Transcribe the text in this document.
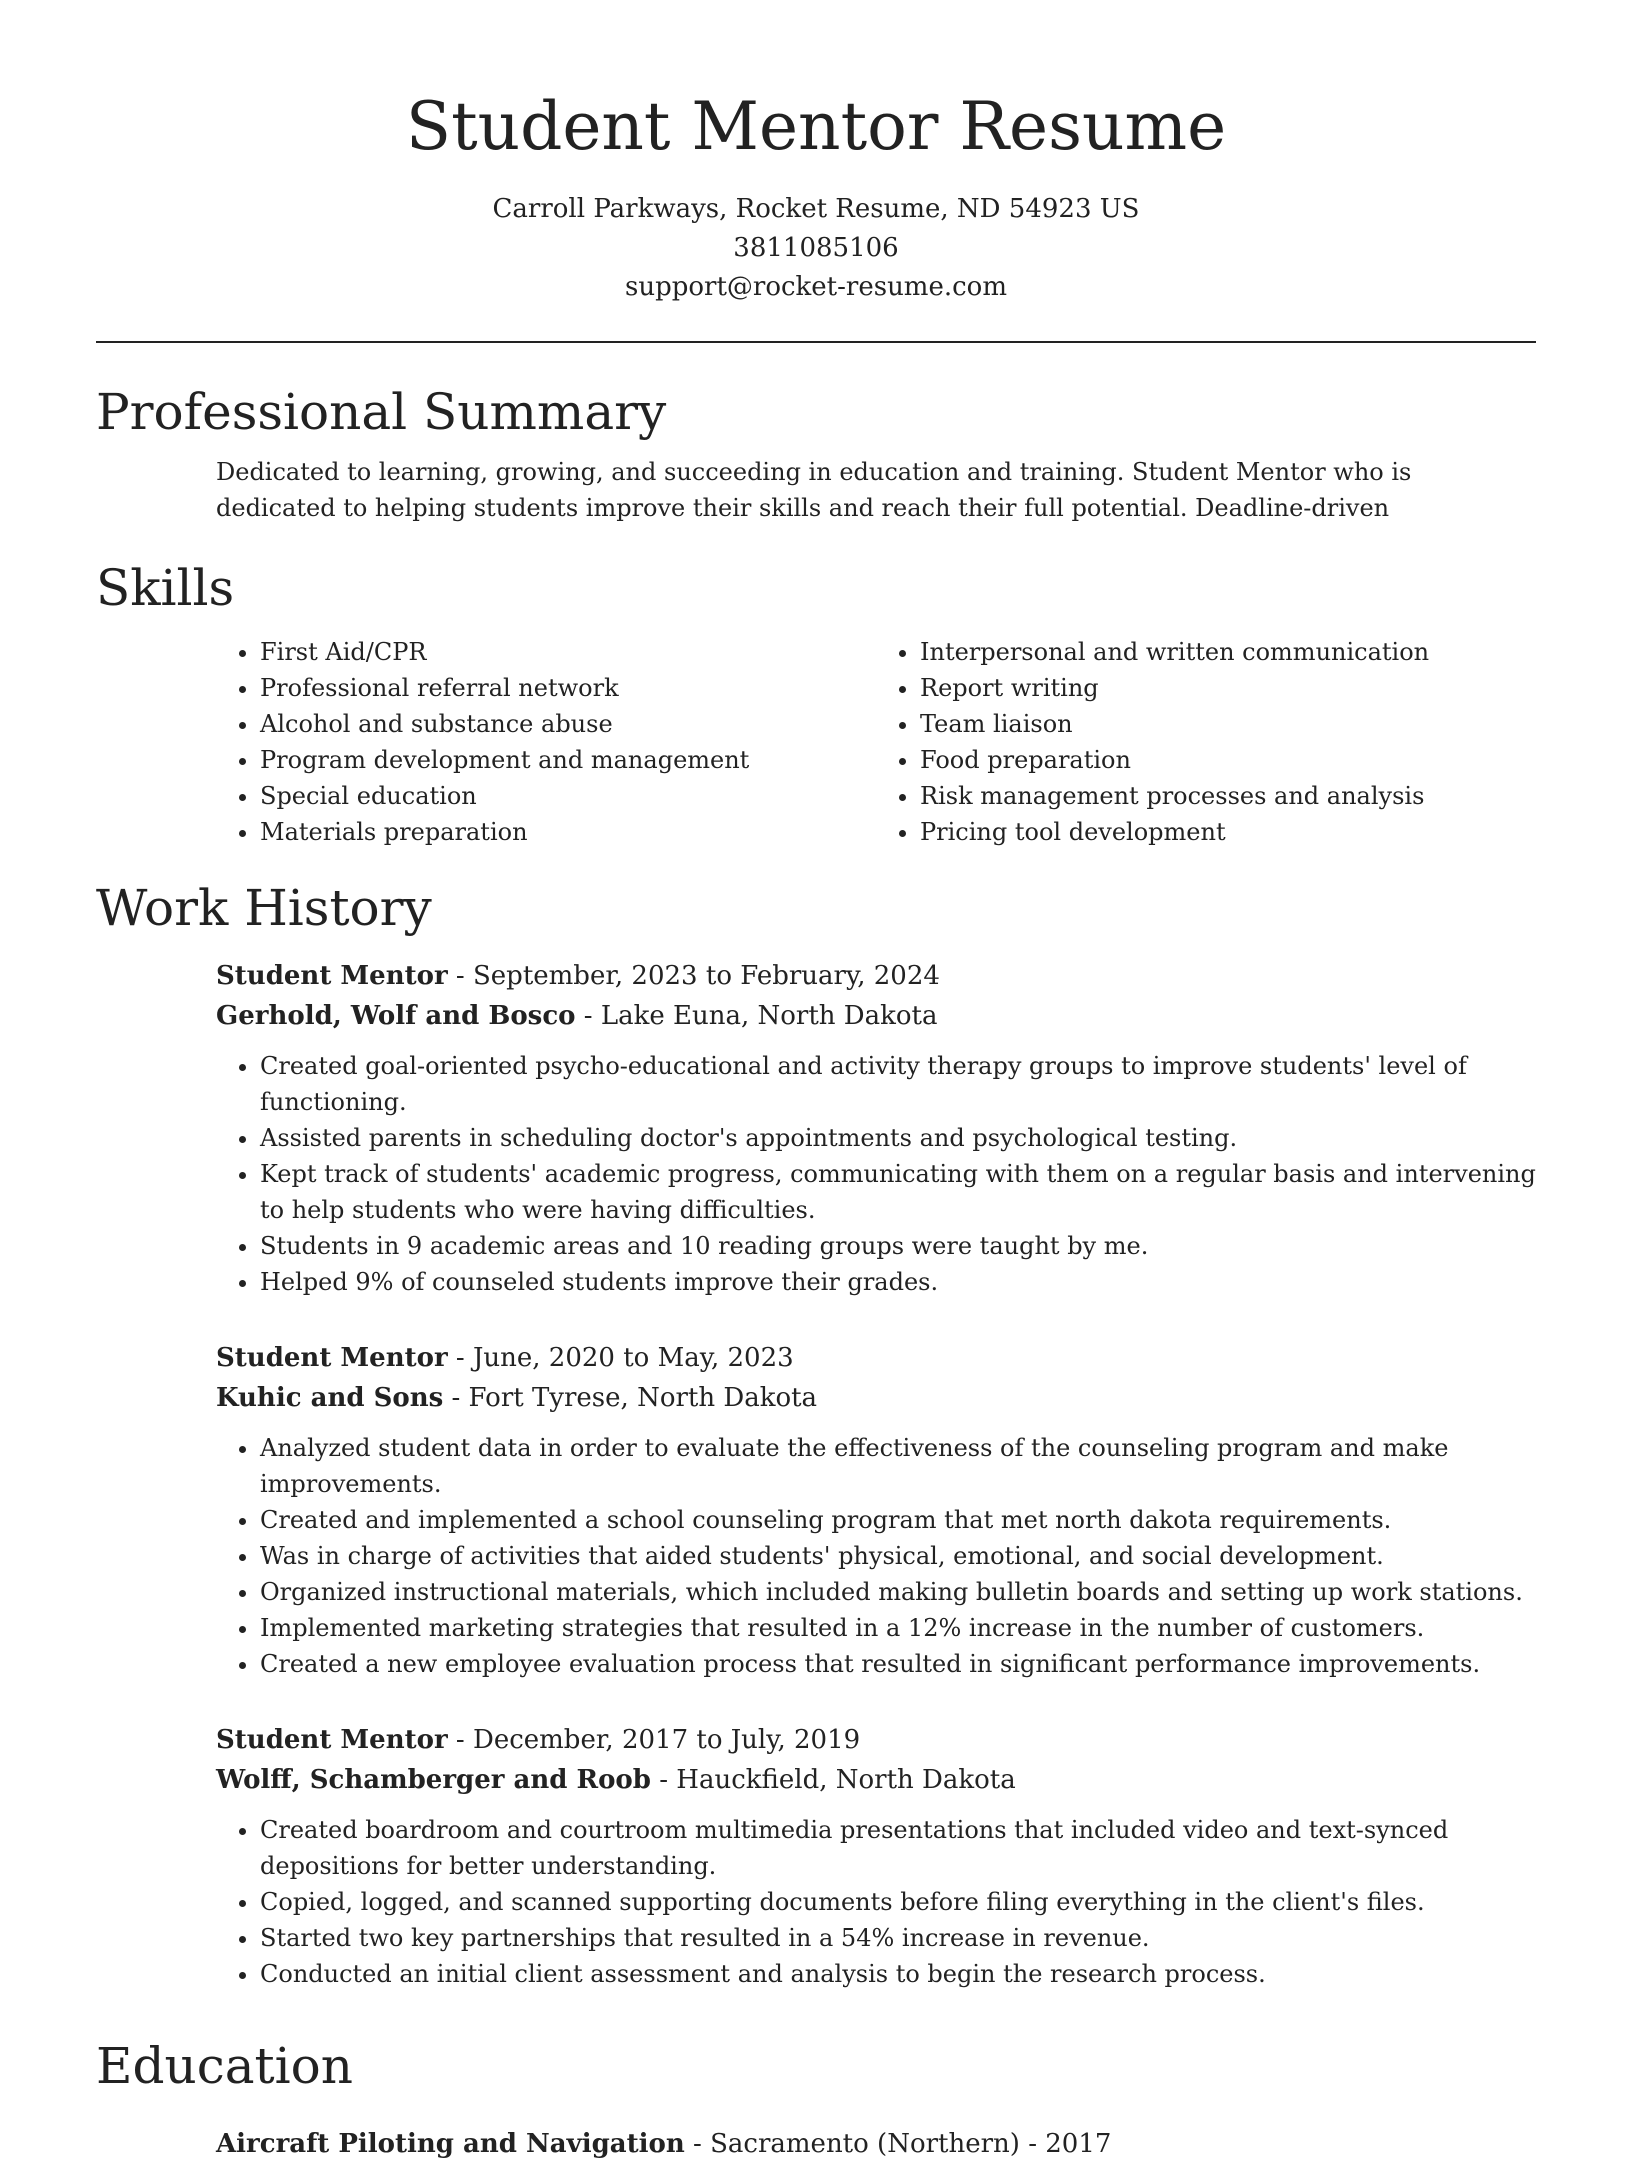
Student Mentor Resume
Carroll Parkways, Rocket Resume, ND 54923 US
3811085106
support@rocket-resume.com
Professional Summary

Dedicated to learning, growing, and succeeding in education and training. Student Mentor who is dedicated to helping students improve their skills and reach their full potential. Deadline-driven

Skills
• First Aid/CPR
• Professional referral network
• Alcohol and substance abuse
• Program development and management
• Special education
• Materials preparation
• Interpersonal and written communication
• Report writing
• Team liaison
• Food preparation
• Risk management processes and analysis
• Pricing tool development
Work History
Student Mentor - September, 2023 to February, 2024
Gerhold, Wolf and Bosco - Lake Euna, North Dakota
• Created goal-oriented psycho-educational and activity therapy groups to improve students' level of functioning.
• Assisted parents in scheduling doctor's appointments and psychological testing.
• Kept track of students' academic progress, communicating with them on a regular basis and intervening to help students who were having difficulties.
• Students in 9 academic areas and 10 reading groups were taught by me.
• Helped 9% of counseled students improve their grades.
Student Mentor - June, 2020 to May, 2023
Kuhic and Sons - Fort Tyrese, North Dakota
• Analyzed student data in order to evaluate the effectiveness of the counseling program and make improvements.
• Created and implemented a school counseling program that met north dakota requirements.
• Was in charge of activities that aided students' physical, emotional, and social development.
• Organized instructional materials, which included making bulletin boards and setting up work stations.
• Implemented marketing strategies that resulted in a 12% increase in the number of customers.
• Created a new employee evaluation process that resulted in significant performance improvements.
Student Mentor - December, 2017 to July, 2019
Wolff, Schamberger and Roob - Hauckfield, North Dakota
• Created boardroom and courtroom multimedia presentations that included video and text-synced depositions for better understanding.
• Copied, logged, and scanned supporting documents before filing everything in the client's files.
• Started two key partnerships that resulted in a 54% increase in revenue.
• Conducted an initial client assessment and analysis to begin the research process.
Education
Aircraft Piloting and Navigation - Sacramento (Northern) - 2017
